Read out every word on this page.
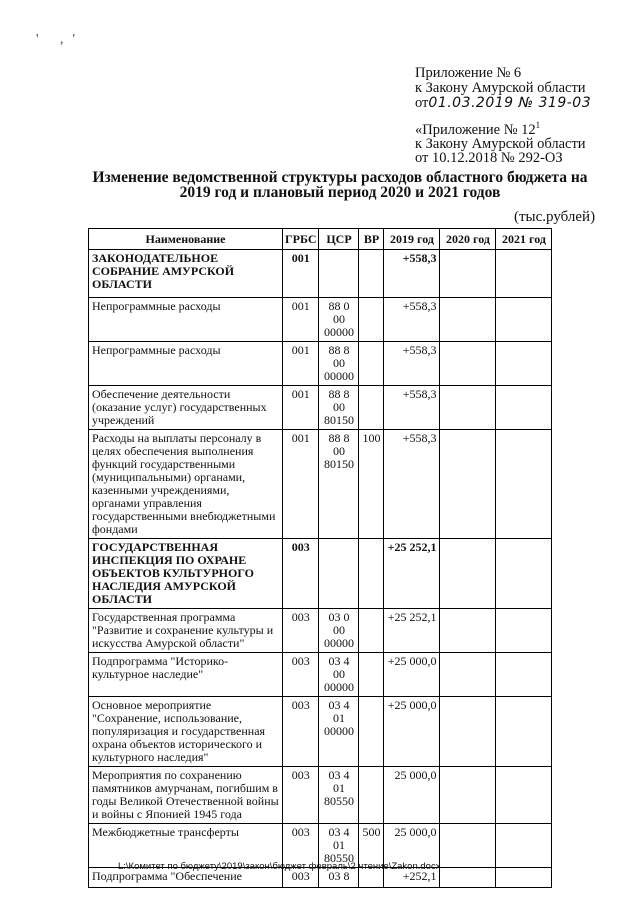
' ,'
Приложение № 6
к Закону Амурской области
от01.03.2019 № 319-03
«Приложение № $12^1$
к Закону Амурской области
от 10.12.2018 № 292-ОЗ
Изменение ведомственной структуры расходов областного бюджета на
2019 год и плановый период 2020 и 2021 годов
(тыс.рублей)
Наименование	ГРБС	ЦСР	ВР	2019 год	2020 год	2021 год
ЗАКОНОДАТЕЛЬНОЕ СОБРАНИЕ АМУРСКОЙ ОБЛАСТИ	001			+558,3		
Непрограммные расходы	001	88 0 00 00000		+558,3		
Непрограммные расходы	001	88 8 00 00000		+558,3		
Обеспечение деятельности (оказание услуг) государственных учреждений	001	88 8 00 80150		+558,3		
Расходы на выплаты персоналу в целях обеспечения выполнения функций государственными (муниципальными) органами, казенными учреждениями, органами управления государственными внебюджетными фондами	001	88 8 00 80150	100	+558,3		
ГОСУДАРСТВЕННАЯ ИНСПЕКЦИЯ ПО ОХРАНЕ ОБЪЕКТОВ КУЛЬТУРНОГО НАСЛЕДИЯ АМУРСКОЙ ОБЛАСТИ	003			+25 252,1		
Государственная программа "Развитие и сохранение культуры и искусства Амурской области"	003	03 0 00 00000		+25 252,1		
Подпрограмма "Историко-культурное наследие"	003	03 4 00 00000		+25 000,0		
Основное мероприятие "Сохранение, использование, популяризация и государственная охрана объектов исторического и культурного наследия"	003	03 4 01 00000		+25 000,0		
Мероприятия по сохранению памятников амурчанам, погибшим в годы Великой Отечественной войны и войны с Японией 1945 года	003	03 4 01 80550		25 000,0		
Межбюджетные трансферты	003	03 4 01 80550	500	25 000,0		
Подпрограмма "Обеспечение	003	03 8		+252,1		
L:\Комитет по бюджету\2019\закон\бюджет февраль\2 чтение\Zakon.docx
